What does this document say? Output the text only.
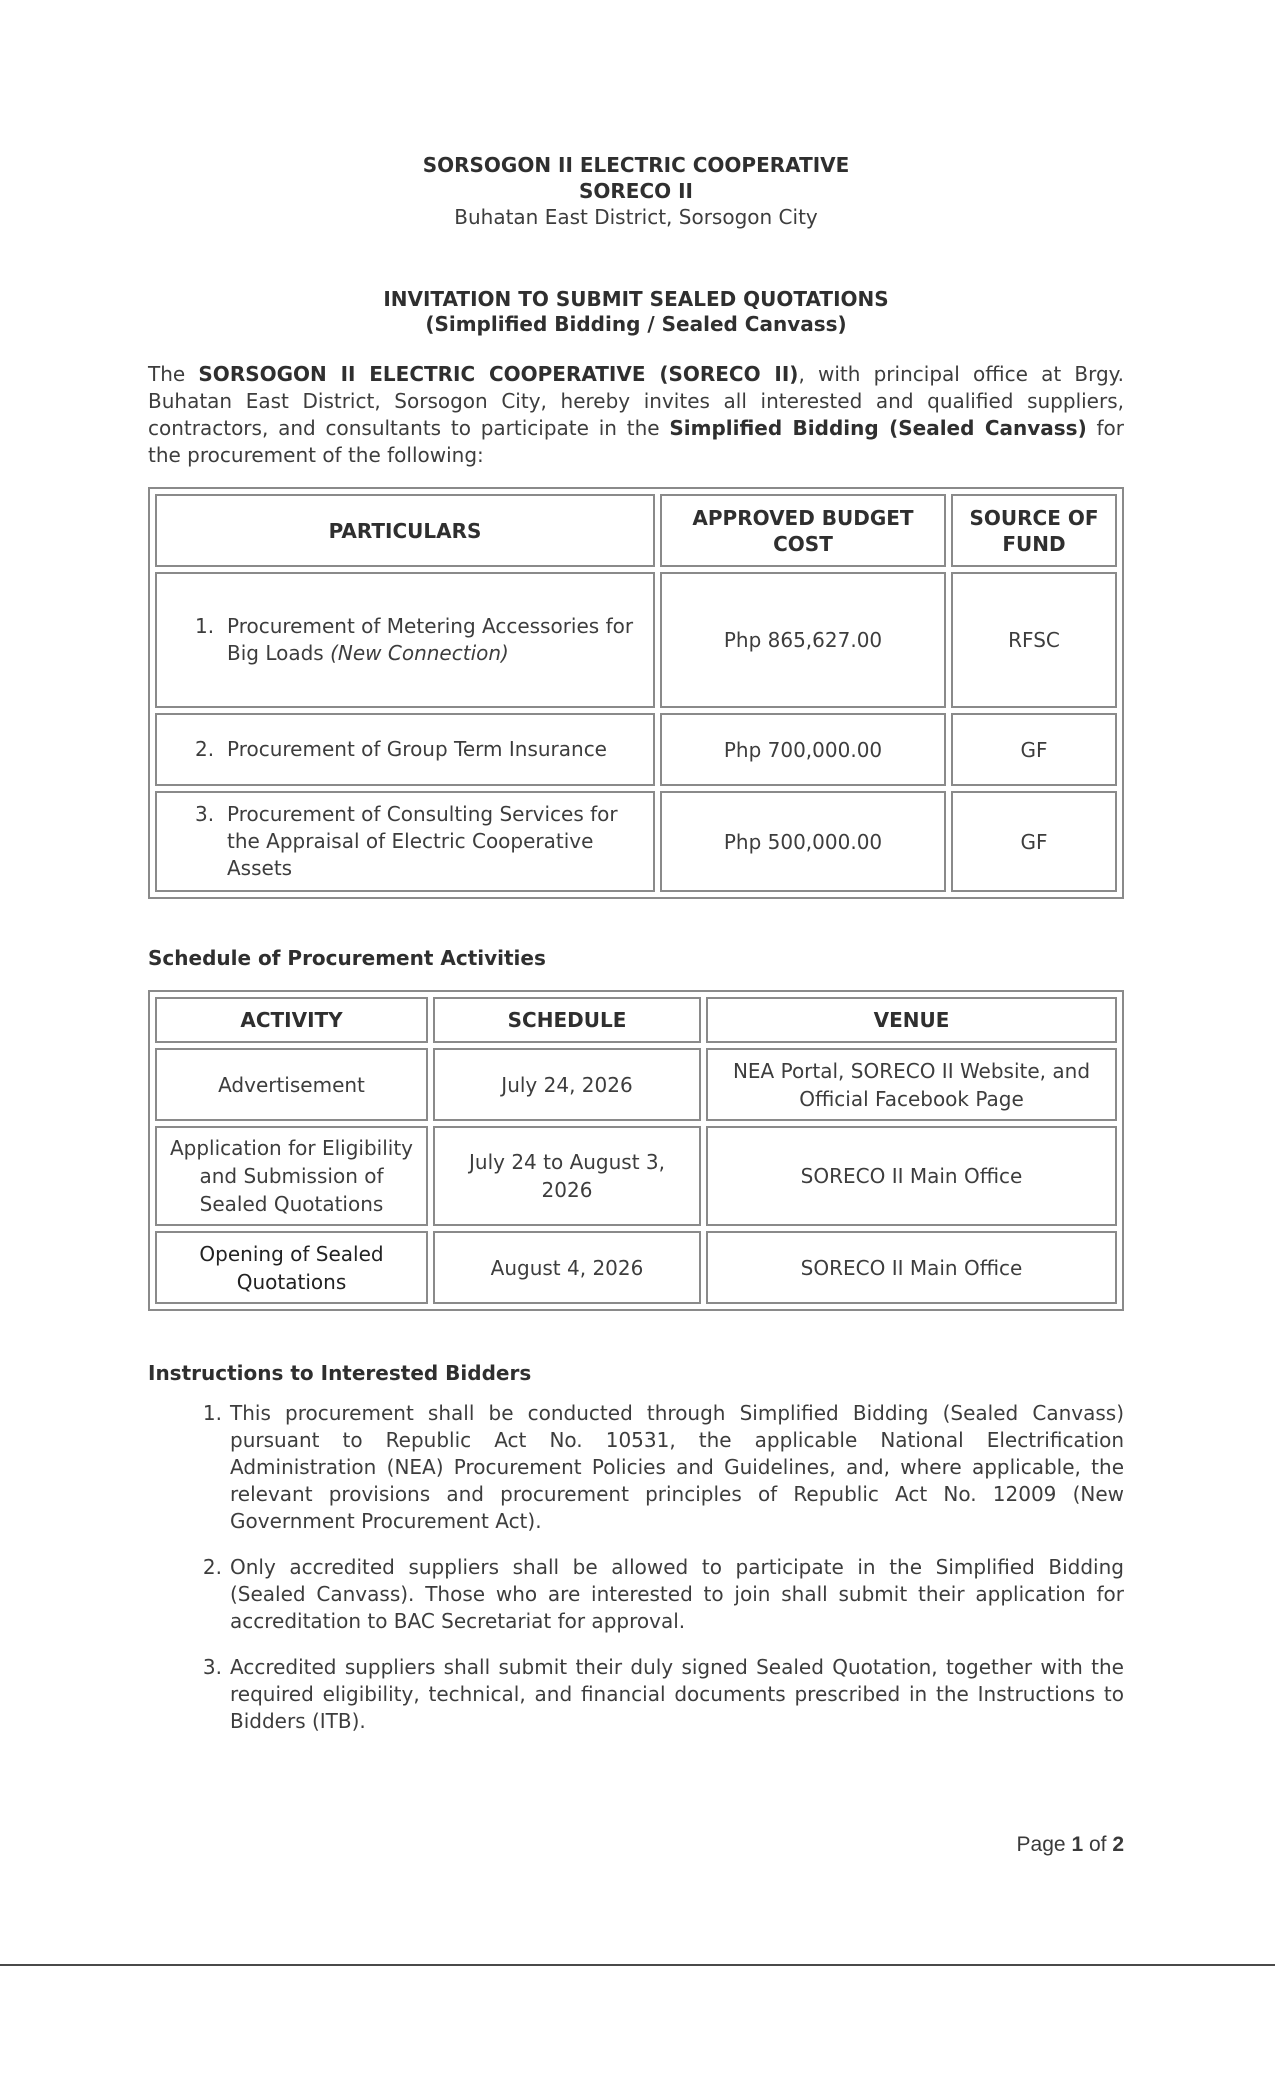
SORSOGON II ELECTRIC COOPERATIVE
SORECO II
Buhatan East District, Sorsogon City
INVITATION TO SUBMIT SEALED QUOTATIONS
(Simplified Bidding / Sealed Canvass)
The SORSOGON II ELECTRIC COOPERATIVE (SORECO II), with principal office at Brgy. Buhatan East District, Sorsogon City, hereby invites all interested and qualified suppliers, contractors, and consultants to participate in the Simplified Bidding (Sealed Canvass) for the procurement of the following:
PARTICULARS	APPROVED BUDGET COST	SOURCE OF FUND

1. Procurement of Metering Accessories for Big Loads (New Connection)	Php 865,627.00	RFSC

2. Procurement of Group Term Insurance	Php 700,000.00	GF

3. Procurement of Consulting Services for the Appraisal of Electric Cooperative Assets	Php 500,000.00	GF
Schedule of Procurement Activities
ACTIVITY	SCHEDULE	VENUE
Advertisement	July 24, 2026	NEA Portal, SORECO II Website, and Official Facebook Page
Application for Eligibility and Submission of Sealed Quotations	July 24 to August 3, 2026	SORECO II Main Office
Opening of Sealed Quotations	August 4, 2026	SORECO II Main Office
Instructions to Interested Bidders
1. This procurement shall be conducted through Simplified Bidding (Sealed Canvass) pursuant to Republic Act No. 10531, the applicable National Electrification Administration (NEA) Procurement Policies and Guidelines, and, where applicable, the relevant provisions and procurement principles of Republic Act No. 12009 (New Government Procurement Act).
2. Only accredited suppliers shall be allowed to participate in the Simplified Bidding (Sealed Canvass). Those who are interested to join shall submit their application for accreditation to BAC Secretariat for approval.
3. Accredited suppliers shall submit their duly signed Sealed Quotation, together with the required eligibility, technical, and financial documents prescribed in the Instructions to Bidders (ITB).
Page 1 of 2
